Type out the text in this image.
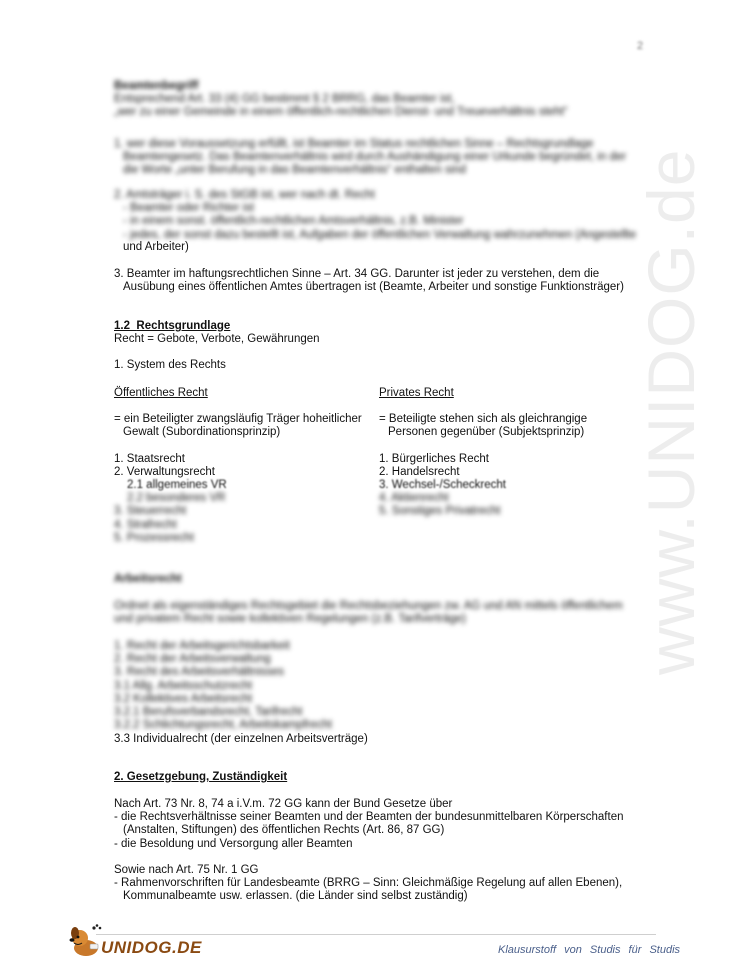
www.UNIDOG.de
2

Beamtenbegriff

Entsprechend Art. 33 (4) GG bestimmt § 2 BRRG, das Beamter ist,

„wer zu einer Gemeinde in einem öffentlich-rechtlichen Dienst- und Treueverhältnis steht“

1. wer diese Voraussetzung erfüllt, ist Beamter im Status rechtlichen Sinne – Rechtsgrundlage

Beamtengesetz. Das Beamtenverhältnis wird durch Aushändigung einer Urkunde begründet, in der

die Worte „unter Berufung in das Beamtenverhältnis“ enthalten sind

2. Amtsträger i. S. des StGB ist, wer nach dt. Recht

- Beamter oder Richter ist

- in einem sonst. öffentlich-rechtlichen Amtsverhältnis, z.B. Minister

- jedes, der sonst dazu bestellt ist, Aufgaben der öffentlichen Verwaltung wahrzunehmen (Angestellte

und Arbeiter)

3. Beamter im haftungsrechtlichen Sinne – Art. 34 GG. Darunter ist jeder zu verstehen, dem die

Ausübung eines öffentlichen Amtes übertragen ist (Beamte, Arbeiter und sonstige Funktionsträger)

1.2 Rechtsgrundlage

Recht = Gebote, Verbote, Gewährungen

1. System des Rechts

Öffentliches Recht

= ein Beteiligter zwangsläufig Träger hoheitlicher

Gewalt (Subordinationsprinzip)

1. Staatsrecht

2. Verwaltungsrecht

2.1 allgemeines VR

2.2 besonderes VR

3. Steuerrecht

4. Strafrecht

5. Prozessrecht

Privates Recht

= Beteiligte stehen sich als gleichrangige

Personen gegenüber (Subjektsprinzip)

1. Bürgerliches Recht

2. Handelsrecht

3. Wechsel-/Scheckrecht

4. Aktienrecht

5. Sonstiges Privatrecht

Arbeitsrecht

Ordnet als eigenständiges Rechtsgebiet die Rechtsbeziehungen zw. AG und AN mittels öffentlichem

und privatem Recht sowie kollektiven Regelungen (z.B. Tarifverträge)

1. Recht der Arbeitsgerichtsbarkeit

2. Recht der Arbeitsverwaltung

3. Recht des Arbeitsverhältnisses

3.1 Allg. Arbeitsschutzrecht

3.2 Kollektives Arbeitsrecht

3.2.1 Berufsverbandsrecht, Tarifrecht

3.2.2 Schlichtungsrecht, Arbeitskampfrecht

3.3 Individualrecht (der einzelnen Arbeitsverträge)

2. Gesetzgebung, Zuständigkeit

Nach Art. 73 Nr. 8, 74 a i.V.m. 72 GG kann der Bund Gesetze über

- die Rechtsverhältnisse seiner Beamten und der Beamten der bundesunmittelbaren Körperschaften

(Anstalten, Stiftungen) des öffentlichen Rechts (Art. 86, 87 GG)

- die Besoldung und Versorgung aller Beamten

Sowie nach Art. 75 Nr. 1 GG

- Rahmenvorschriften für Landesbeamte (BRRG – Sinn: Gleichmäßige Regelung auf allen Ebenen),

Kommunalbeamte usw. erlassen. (die Länder sind selbst zuständig)

UNIDOG.DE	Klausurstoff von Studis für Studis
